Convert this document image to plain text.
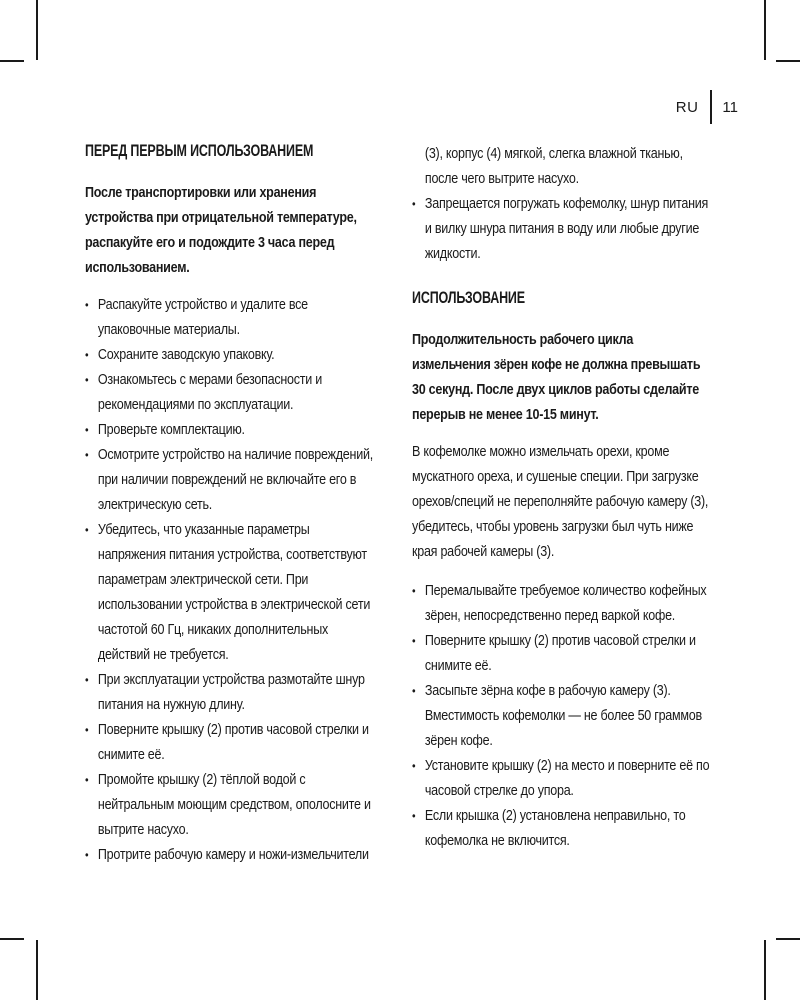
RU 11
ПЕРЕД ПЕРВЫМ ИСПОЛЬЗОВАНИЕМ

После транспортировки или хранения устройства при отрицательной температуре, распакуйте его и подождите 3 часа перед использованием.

• Распакуйте устройство и удалите все упаковочные материалы.
• Сохраните заводскую упаковку.
• Ознакомьтесь с мерами безопасности и рекомендациями по эксплуатации.
• Проверьте комплектацию.
• Осмотрите устройство на наличие повреждений, при наличии повреждений не включайте его в электрическую сеть.
• Убедитесь, что указанные параметры напряжения питания устройства, соответствуют параметрам электрической сети. При использовании устройства в электрической сети частотой 60 Гц, никаких дополнительных действий не требуется.
• При эксплуатации устройства размотайте шнур питания на нужную длину.
• Поверните крышку (2) против часовой стрелки и снимите её.
• Промойте крышку (2) тёплой водой с нейтральным моющим средством, ополосните и вытрите насухо.
• Протрите рабочую камеру и ножи-измельчители
(3), корпус (4) мягкой, слегка влажной тканью, после чего вытрите насухо.
• Запрещается погружать кофемолку, шнур питания и вилку шнура питания в воду или любые другие жидкости.
ИСПОЛЬЗОВАНИЕ

Продолжительность рабочего цикла измельчения зёрен кофе не должна превышать 30 секунд. После двух циклов работы сделайте перерыв не менее 10-15 минут.

В кофемолке можно измельчать орехи, кроме мускатного ореха, и сушеные специи. При загрузке орехов/специй не переполняйте рабочую камеру (3), убедитесь, чтобы уровень загрузки был чуть ниже края рабочей камеры (3).

• Перемалывайте требуемое количество кофейных зёрен, непосредственно перед варкой кофе.
• Поверните крышку (2) против часовой стрелки и снимите её.
• Засыпьте зёрна кофе в рабочую камеру (3). Вместимость кофемолки — не более 50 граммов зёрен кофе.
• Установите крышку (2) на место и поверните её по часовой стрелке до упора.
• Если крышка (2) установлена неправильно, то кофемолка не включится.
